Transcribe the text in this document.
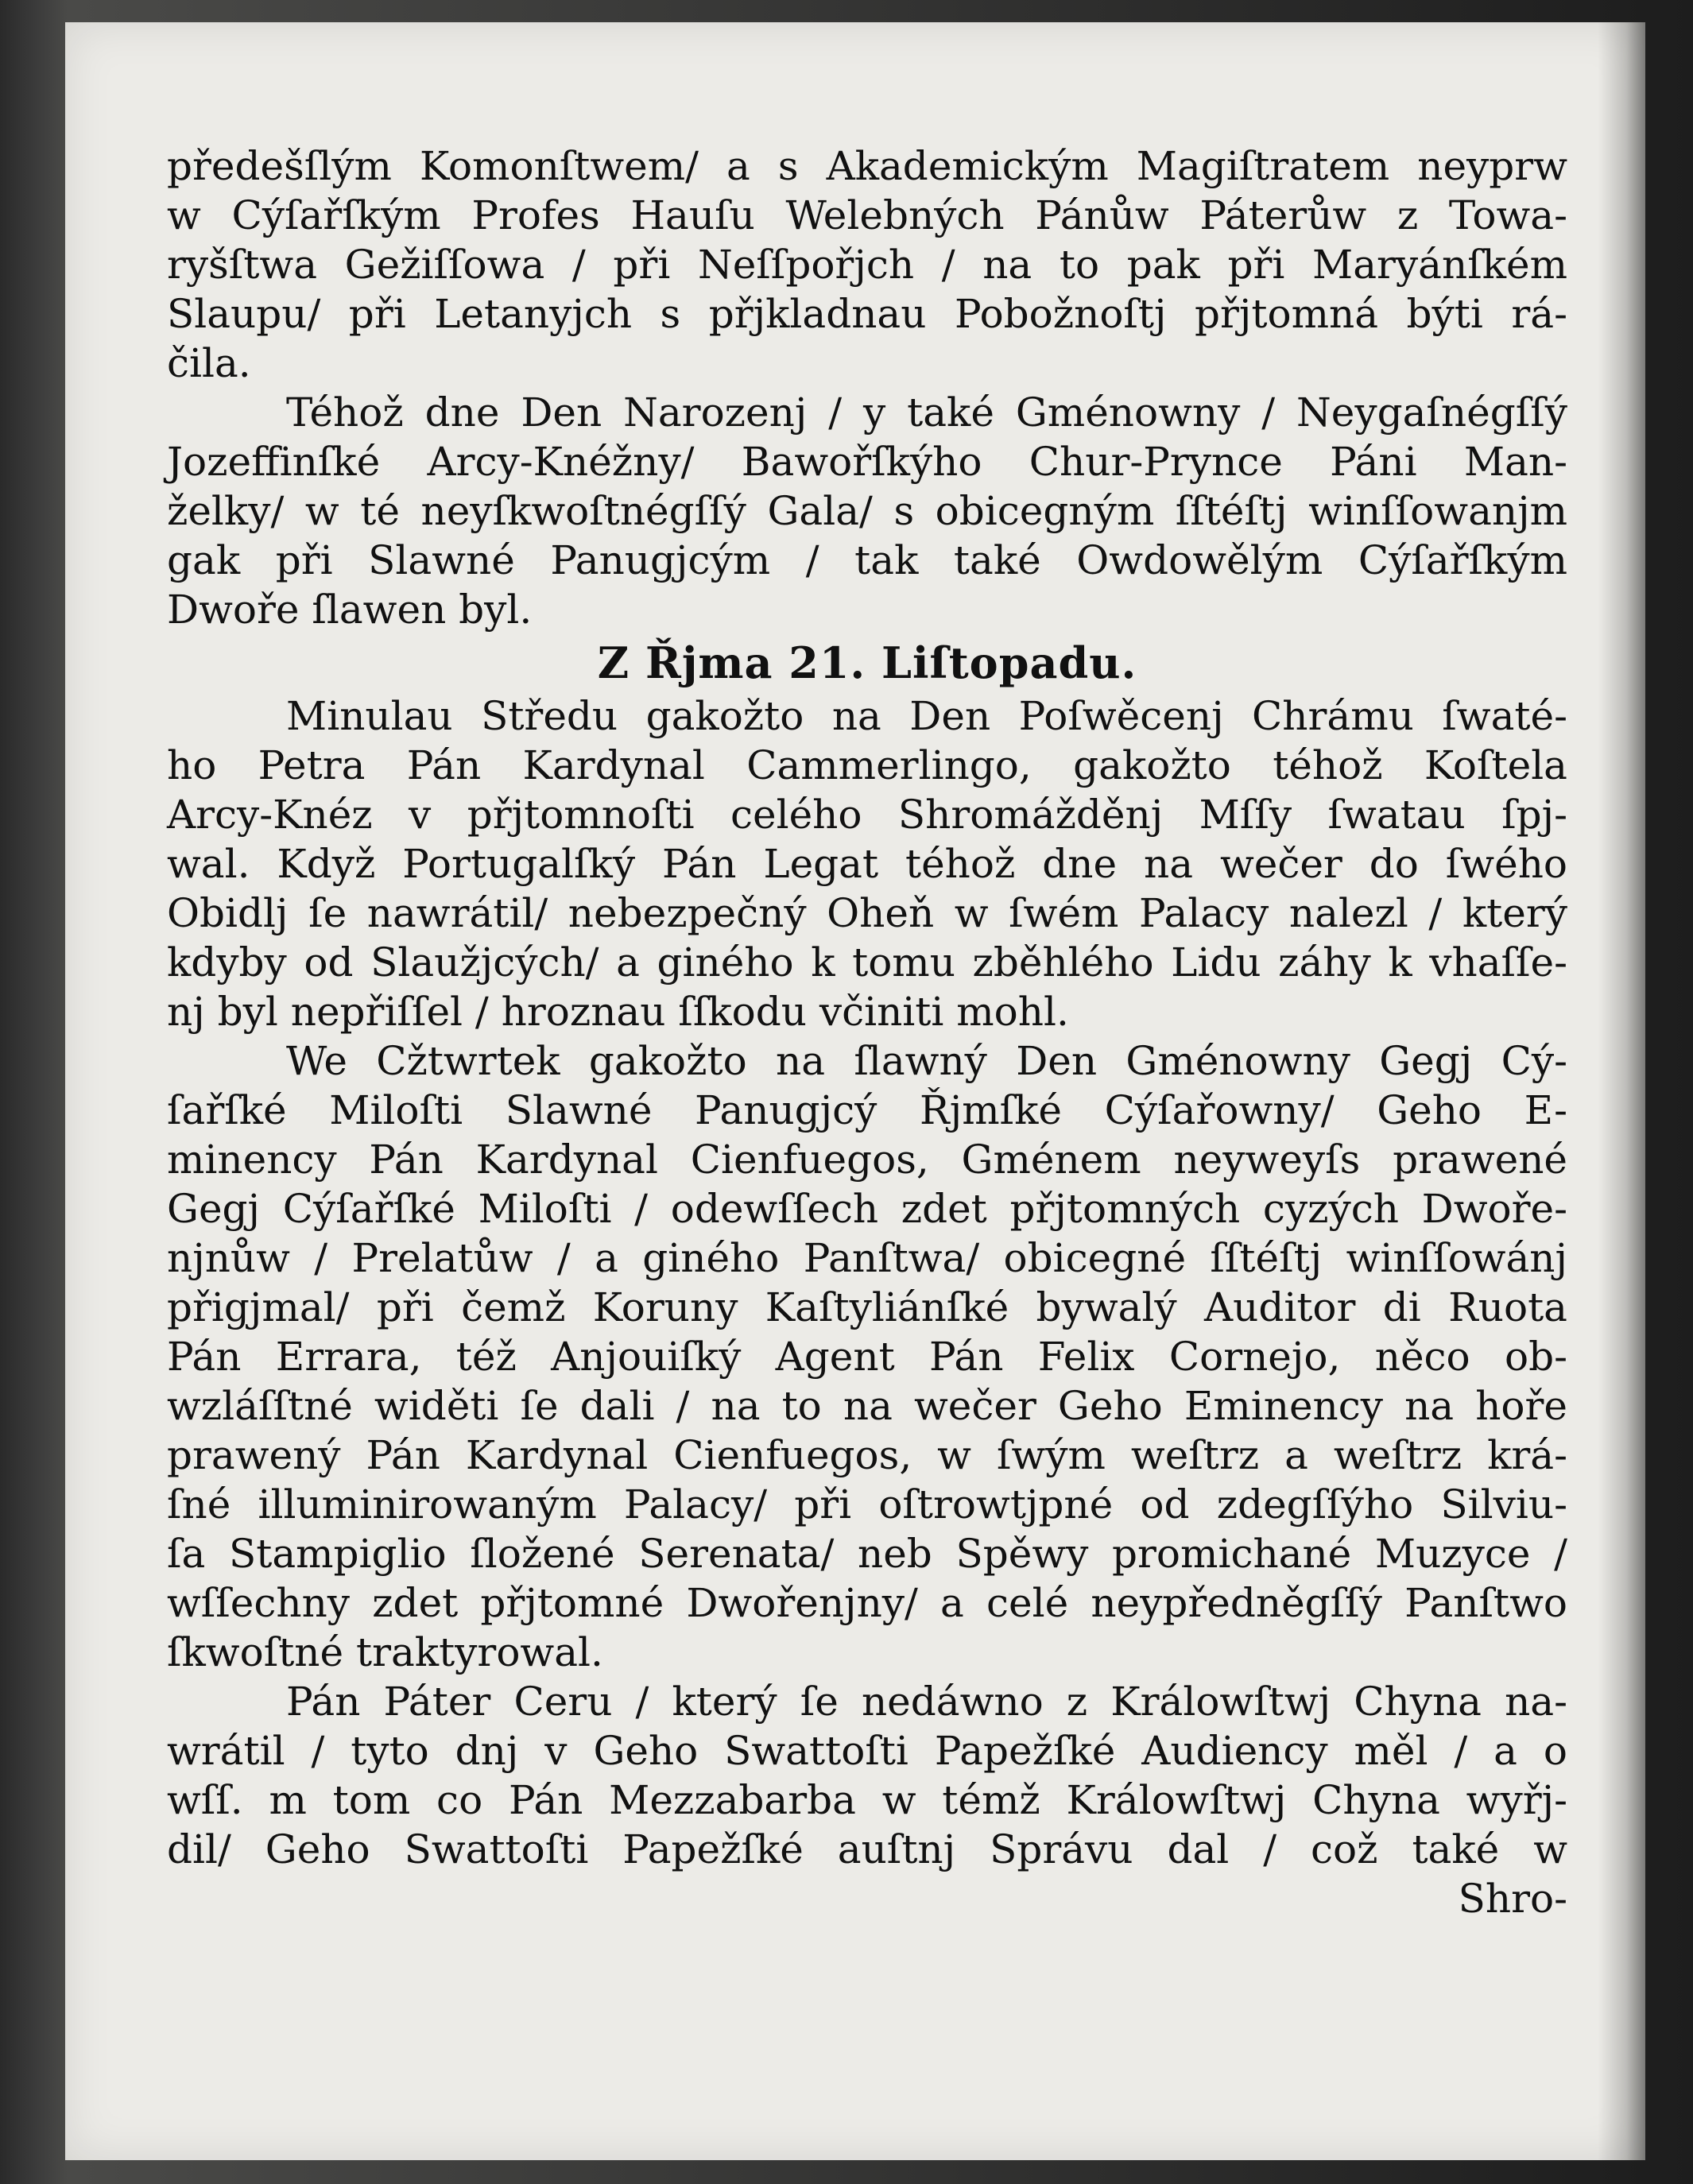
předešſlým Komonſtwem/ a s Akademickým Magiſtratem neyprw
w Cýſařſkým Profes Hauſu Welebných Pánůw Páterůw z Towa-
ryšſtwa Gežiſſowa / při Neſſpořjch / na to pak při Maryánſkém
Slaupu/ při Letanyjch s přjkladnau Pobožnoſtj přjtomná býti rá-
čila.
Téhož dne Den Narozenj / y také Gménowny / Neygaſnégſſý
Jozeffinſké Arcy-Knéžny/ Bawořſkýho Chur-Prynce Páni Man-
želky/ w té neyſkwoſtnégſſý Gala/ s obicegným ſſtéſtj winſſowanjm
gak při Slawné Panugjcým / tak také Owdowělým Cýſařſkým
Dwoře ſlawen byl.
Z Řjma 21. Liſtopadu.
Minulau Středu gakožto na Den Poſwěcenj Chrámu ſwaté-
ho Petra Pán Kardynal Cammerlingo, gakožto téhož Koſtela
Arcy-Knéz v přjtomnoſti celého Shromážděnj Mſſy ſwatau ſpj-
wal. Když Portugalſký Pán Legat téhož dne na wečer do ſwého
Obidlj ſe nawrátil/ nebezpečný Oheň w ſwém Palacy nalezl / který
kdyby od Slaužjcých/ a giného k tomu zběhlého Lidu záhy k vhaſſe-
nj byl nepřiſſel / hroznau ſſkodu včiniti mohl.
We Cžtwrtek gakožto na ſlawný Den Gménowny Gegj Cý-
ſařſké Miloſti Slawné Panugjcý Řjmſké Cýſařowny/ Geho E-
minency Pán Kardynal Cienfuegos, Gménem neyweyſs prawené
Gegj Cýſařſké Miloſti / odewſſech zdet přjtomných cyzých Dwoře-
njnůw / Prelatůw / a giného Panſtwa/ obicegné ſſtéſtj winſſowánj
přigjmal/ při čemž Koruny Kaſtyliánſké bywalý Auditor di Ruota
Pán Errara, též Anjouiſký Agent Pán Felix Cornejo, něco ob-
wzláſſtné widěti ſe dali / na to na wečer Geho Eminency na hoře
prawený Pán Kardynal Cienfuegos, w ſwým weſtrz a weſtrz krá-
ſné illuminirowaným Palacy/ při oſtrowtjpné od zdegſſýho Silviu-
ſa Stampiglio ſložené Serenata/ neb Spěwy promichané Muzyce /
wſſechny zdet přjtomné Dwořenjny/ a celé neypředněgſſý Panſtwo
ſkwoſtné traktyrowal.
Pán Páter Ceru / který ſe nedáwno z Králowſtwj Chyna na-
wrátil / tyto dnj v Geho Swattoſti Papežſké Audiency měl / a o
wſſ. m tom co Pán Mezzabarba w témž Králowſtwj Chyna wyřj-
dil/ Geho Swattoſti Papežſké auſtnj Správu dal / což také w
Shro-
